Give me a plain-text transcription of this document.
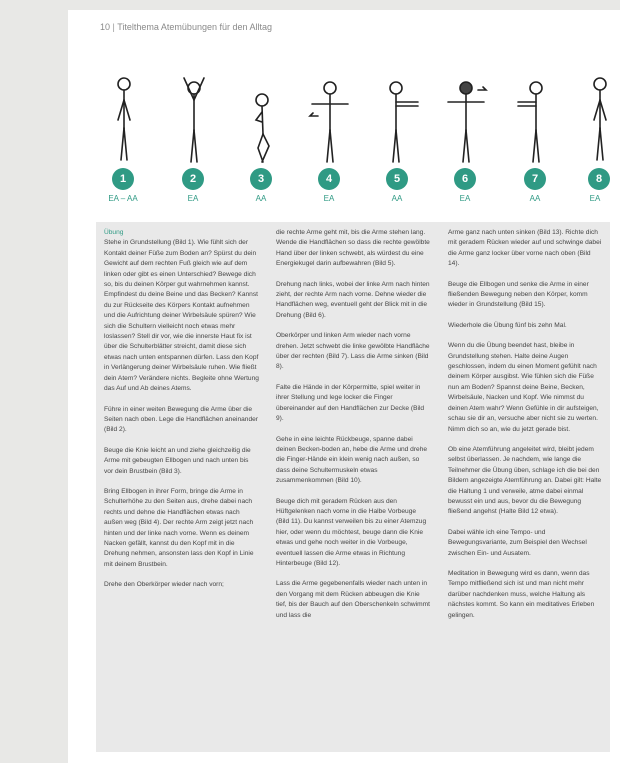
10 | Titelthema Atemübungen für den Alltag
1
EA – AA
2
EA
3
AA
4
EA
5
AA
6
EA
7
AA
8
EA

Übung

Stehe in Grundstellung (Bild 1). Wie fühlt sich der Kontakt deiner Füße zum Boden an? Spürst du dein Gewicht auf dem rechten Fuß gleich wie auf dem linken oder gibt es einen Unterschied? Bewege dich so, bis du deinen Körper gut wahrnehmen kannst. Empfindest du deine Beine und das Becken? Kannst du zur Rückseite des Körpers Kontakt aufnehmen und die Aufrichtung deiner Wirbelsäule spüren? Wie sich die Schultern vielleicht noch etwas mehr loslassen? Stell dir vor, wie die innerste Haut fix ist über die Schulterblätter streicht, damit diese sich etwas nach unten entspannen dürfen. Lass den Kopf in Verlängerung deiner Wirbelsäule ruhen. Wie fließt dein Atem? Verändere nichts. Begleite ohne Wertung das Auf und Ab deines Atems.

Führe in einer weiten Bewegung die Arme über die Seiten nach oben. Lege die Handflächen aneinander (Bild 2).

Beuge die Knie leicht an und ziehe gleichzeitig die Arme mit gebeugten Ellbogen und nach unten bis vor dein Brustbein (Bild 3).

Bring Ellbogen in ihrer Form, bringe die Arme in Schulterhöhe zu den Seiten aus, drehe dabei nach rechts und dehne die Handflächen etwas nach außen weg (Bild 4). Der rechte Arm zeigt jetzt nach hinten und der linke nach vorne. Wenn es deinem Nacken gefällt, kannst du den Kopf mit in die Drehung nehmen, ansonsten lass den Kopf in Linie mit deinem Brustbein.

Drehe den Oberkörper wieder nach vorn;

die rechte Arme geht mit, bis die Arme stehen lang. Wende die Handflächen so dass die rechte gewölbte Hand über der linken schwebt, als würdest du eine Energiekugel darin aufbewahren (Bild 5).

Drehung nach links, wobei der linke Arm nach hinten zieht, der rechte Arm nach vorne. Dehne wieder die Handflächen weg, eventuell geht der Blick mit in die Drehung (Bild 6).

Oberkörper und linken Arm wieder nach vorne drehen. Jetzt schwebt die linke gewölbte Handfläche über der rechten (Bild 7). Lass die Arme sinken (Bild 8).

Falte die Hände in der Körpermitte, spiel weiter in ihrer Stellung und lege locker die Finger übereinander auf den Handflächen zur Decke (Bild 9).

Gehe in eine leichte Rückbeuge, spanne dabei deinen Becken-boden an, hebe die Arme und drehe die Finger-Hände ein klein wenig nach außen, so dass deine Schultermuskeln etwas zusammenkommen (Bild 10).

Beuge dich mit geradem Rücken aus den Hüftgelenken nach vorne in die Halbe Vorbeuge (Bild 11). Du kannst verweilen bis zu einer Atemzug hier, oder wenn du möchtest, beuge dann die Knie etwas und gehe noch weiter in die Vorbeuge, eventuell lassen die Arme etwas in Richtung Hinterbeuge (Bild 12).

Lass die Arme gegebenenfalls wieder nach unten in den Vorgang mit dem Rücken abbeugen die Knie tief, bis der Bauch auf den Oberschenkeln schwimmt und lass die

Arme ganz nach unten sinken (Bild 13). Richte dich mit geradem Rücken wieder auf und schwinge dabei die Arme ganz locker über vorne nach oben (Bild 14).

Beuge die Ellbogen und senke die Arme in einer fließenden Bewegung neben den Körper, komm wieder in Grundstellung (Bild 15).

Wiederhole die Übung fünf bis zehn Mal.

Wenn du die Übung beendet hast, bleibe in Grundstellung stehen. Halte deine Augen geschlossen, indem du einen Moment gefühlt nach deinem Körper ausgibst. Wie fühlen sich die Füße nun am Boden? Spannst deine Beine, Becken, Wirbelsäule, Nacken und Kopf. Wie nimmst du deinen Atem wahr? Wenn Gefühle in dir aufsteigen, schau sie dir an, versuche aber nicht sie zu werten. Nimm dich so an, wie du jetzt gerade bist.

Ob eine Atemführung angeleitet wird, bleibt jedem selbst überlassen. Je nachdem, wie lange die Teilnehmer die Übung üben, schlage ich die bei den Bildern angezeigte Atemführung an. Dabei gilt: Halte die Haltung 1 und verweile, atme dabei einmal bewusst ein und aus, bevor du die Bewegung fließend angehst (Halte Bild 12 etwa).

Dabei wähle ich eine Tempo- und Bewegungsvariante, zum Beispiel den Wechsel zwischen Ein- und Ausatem.

Meditation in Bewegung wird es dann, wenn das Tempo mitfließend sich ist und man nicht mehr darüber nachdenken muss, welche Haltung als nächstes kommt. So kann ein meditatives Erleben gelingen.
